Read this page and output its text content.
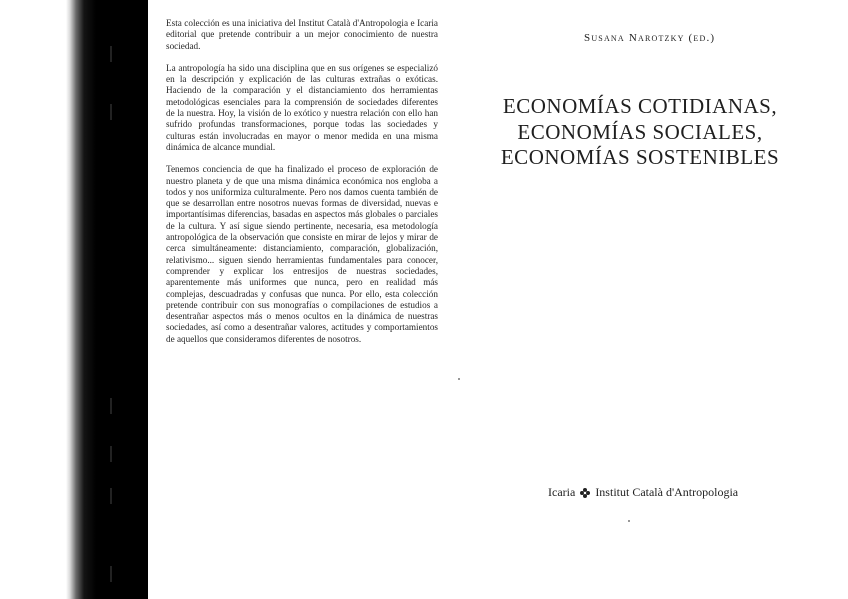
Esta colección es una iniciativa del Institut Català d'Antropologia e Icaria editorial que pretende contribuir a un mejor conocimiento de nuestra sociedad.

La antropología ha sido una disciplina que en sus orígenes se especializó en la descripción y explicación de las culturas extrañas o exóticas. Haciendo de la comparación y el distanciamiento dos herramientas metodológicas esenciales para la comprensión de sociedades diferentes de la nuestra. Hoy, la visión de lo exótico y nuestra relación con ello han sufrido profundas transformaciones, porque todas las sociedades y culturas están involucradas en mayor o menor medida en una misma dinámica de alcance mundial.

Tenemos conciencia de que ha finalizado el proceso de exploración de nuestro planeta y de que una misma dinámica económica nos engloba a todos y nos uniformiza culturalmente. Pero nos damos cuenta también de que se desarrollan entre nosotros nuevas formas de diversidad, nuevas e importantísimas diferencias, basadas en aspectos más globales o parciales de la cultura. Y así sigue siendo pertinente, necesaria, esa metodología antropológica de la observación que consiste en mirar de lejos y mirar de cerca simultáneamente: distanciamiento, comparación, globalización, relativismo... siguen siendo herramientas fundamentales para conocer, comprender y explicar los entresijos de nuestras sociedades, aparentemente más uniformes que nunca, pero en realidad más complejas, descuadradas y confusas que nunca. Por ello, esta colección pretende contribuir con sus monografías o compilaciones de estudios a desentrañar aspectos más o menos ocultos en la dinámica de nuestras sociedades, así como a desentrañar valores, actitudes y comportamientos de aquellos que consideramos diferentes de nosotros.

Susana Narotzky (ed.)
ECONOMÍAS COTIDIANAS,
ECONOMÍAS SOCIALES,
ECONOMÍAS SOSTENIBLES
Icaria Institut Català d'Antropologia
